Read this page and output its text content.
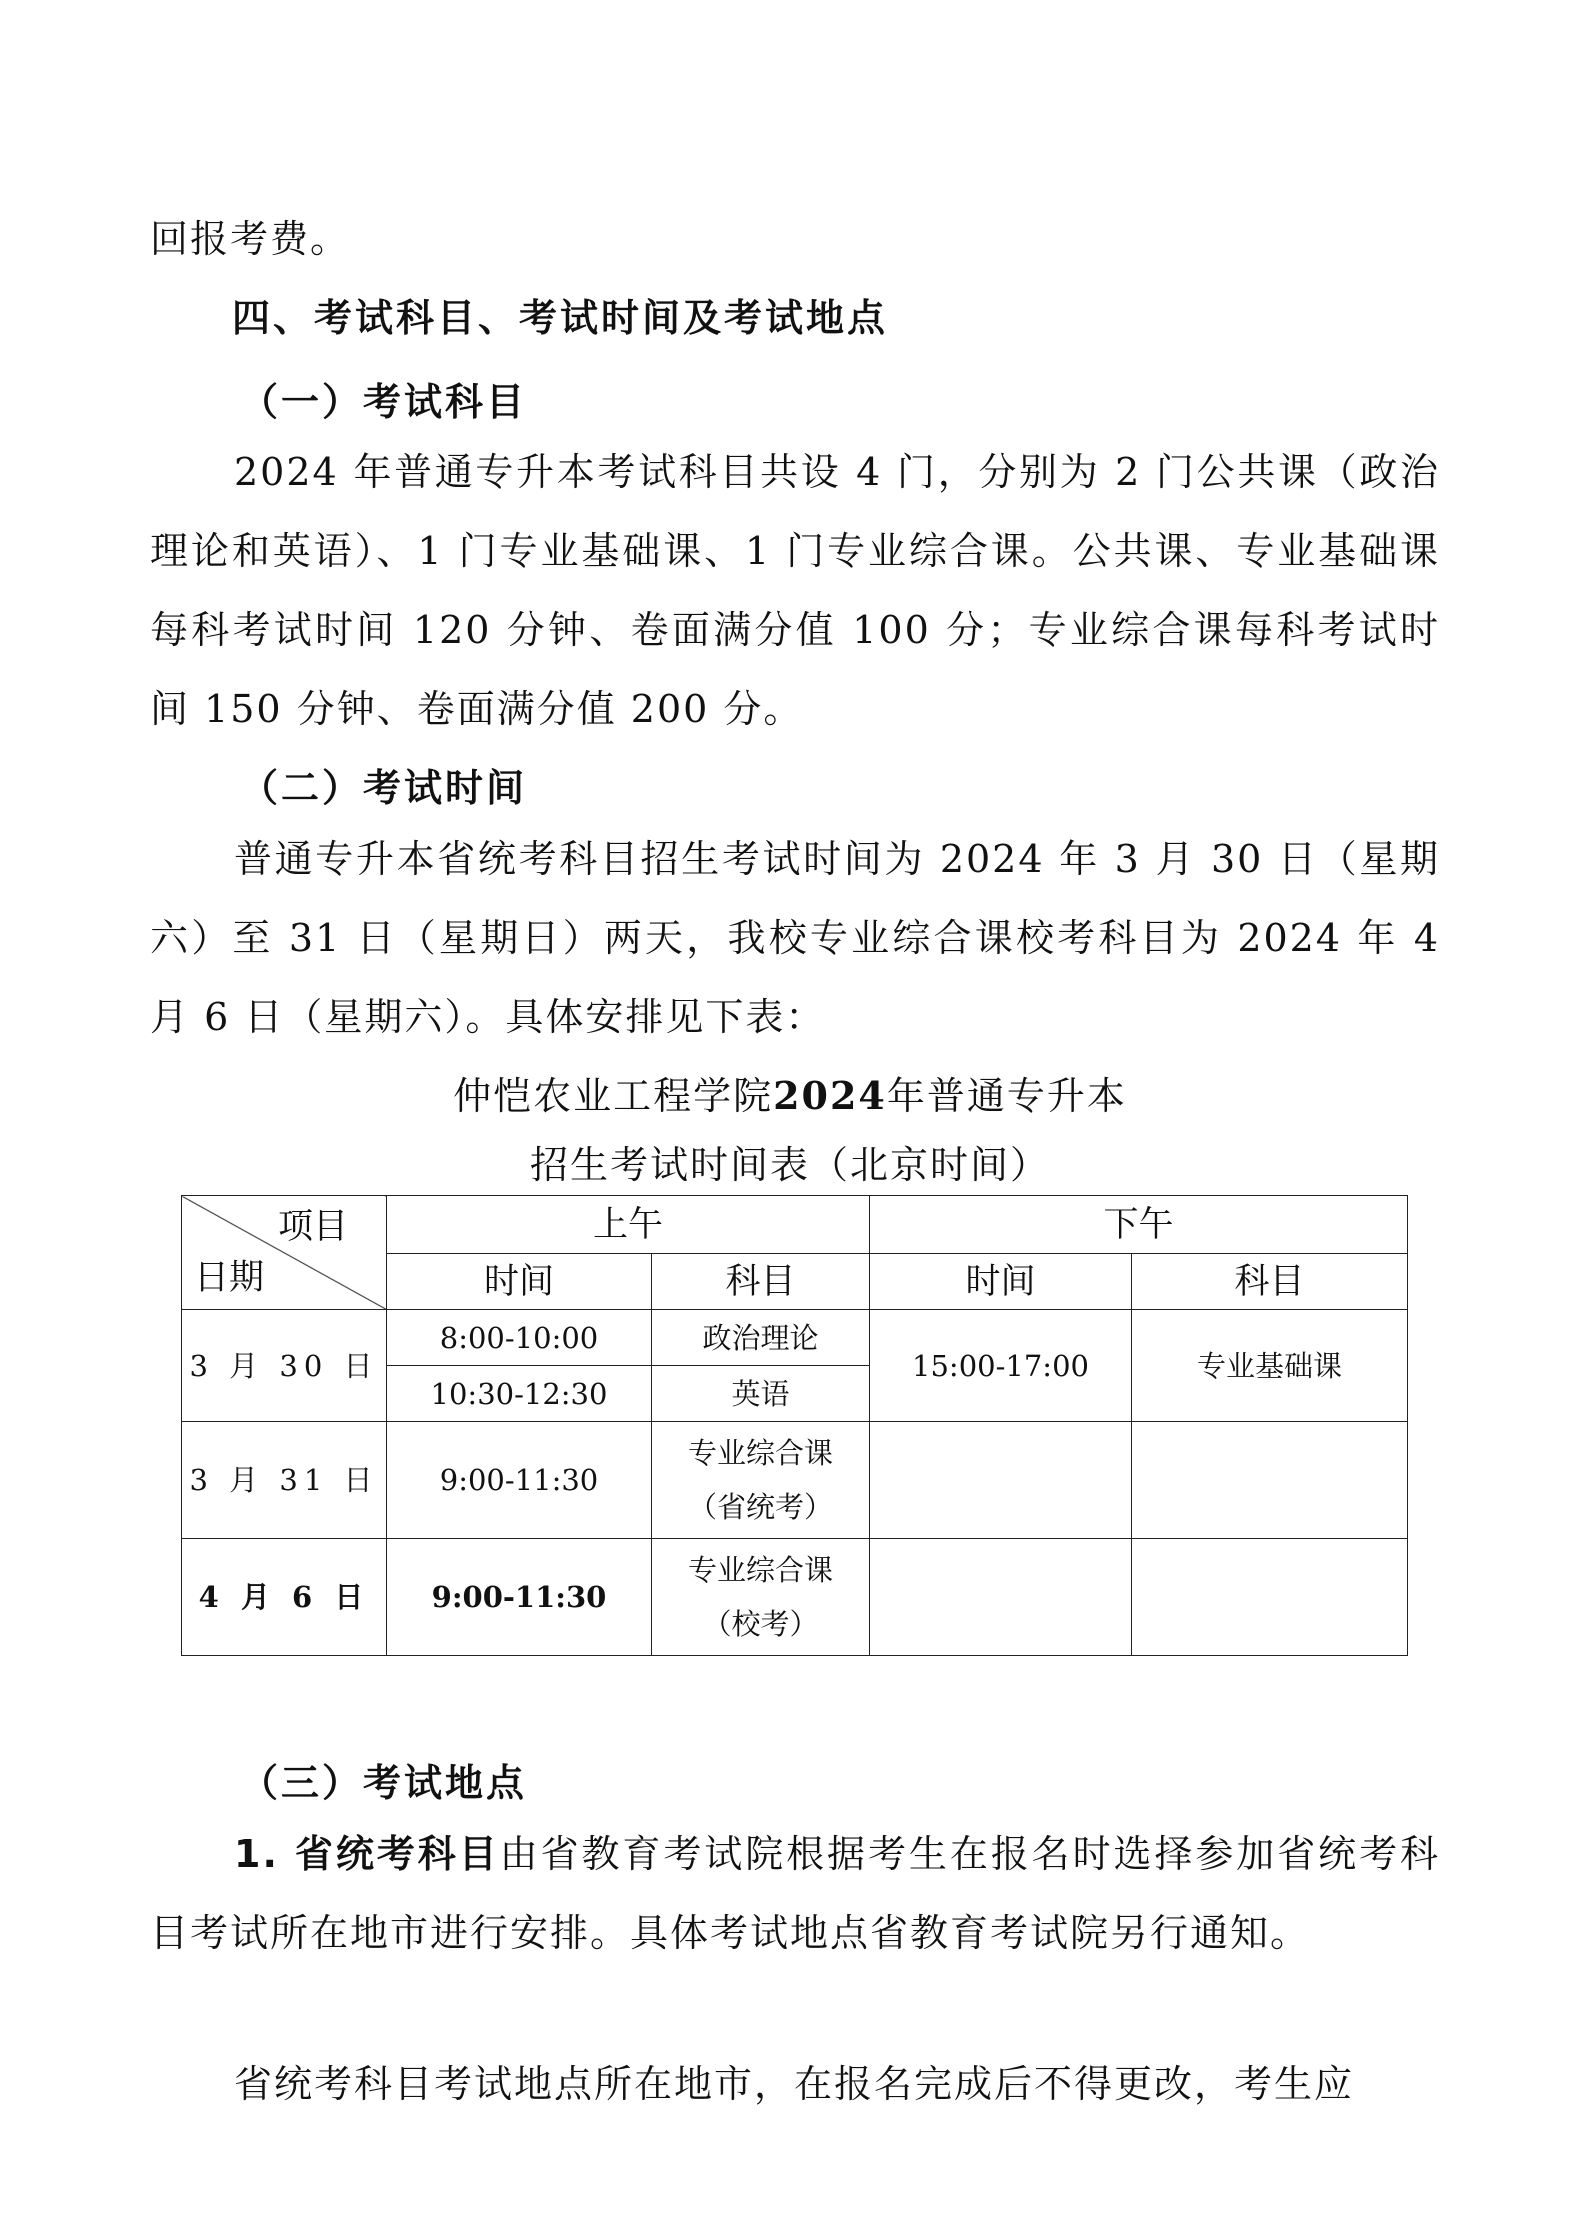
回报考费。

四、考试科目、考试时间及考试地点

（一）考试科目

2024 年普通专升本考试科目共设 4 门，分别为 2 门公共课（政治理论和英语）、1 门专业基础课、1 门专业综合课。公共课、专业基础课每科考试时间 120 分钟、卷面满分值 100 分；专业综合课每科考试时间 150 分钟、卷面满分值 200 分。

（二）考试时间

普通专升本省统考科目招生考试时间为 2024 年 3 月 30 日（星期六）至 31 日（星期日）两天，我校专业综合课校考科目为 2024 年 4 月 6 日（星期六）。具体安排见下表：

仲恺农业工程学院2024年普通专升本

招生考试时间表（北京时间）

项目
日期	上午		下午	
	时间	科目	时间	科目
3 月 30 日	8:00-10:00	政治理论	15:00-17:00	专业基础课
	10:30-12:30	英语		
3 月 31 日	9:00-11:30	专业综合课
（省统考）		

4 月 6 日	9:00-11:30	专业综合课
（校考）		

（三）考试地点

1. 省统考科目由省教育考试院根据考生在报名时选择参加省统考科目考试所在地市进行安排。具体考试地点省教育考试院另行通知。

省统考科目考试地点所在地市，在报名完成后不得更改，考生应
